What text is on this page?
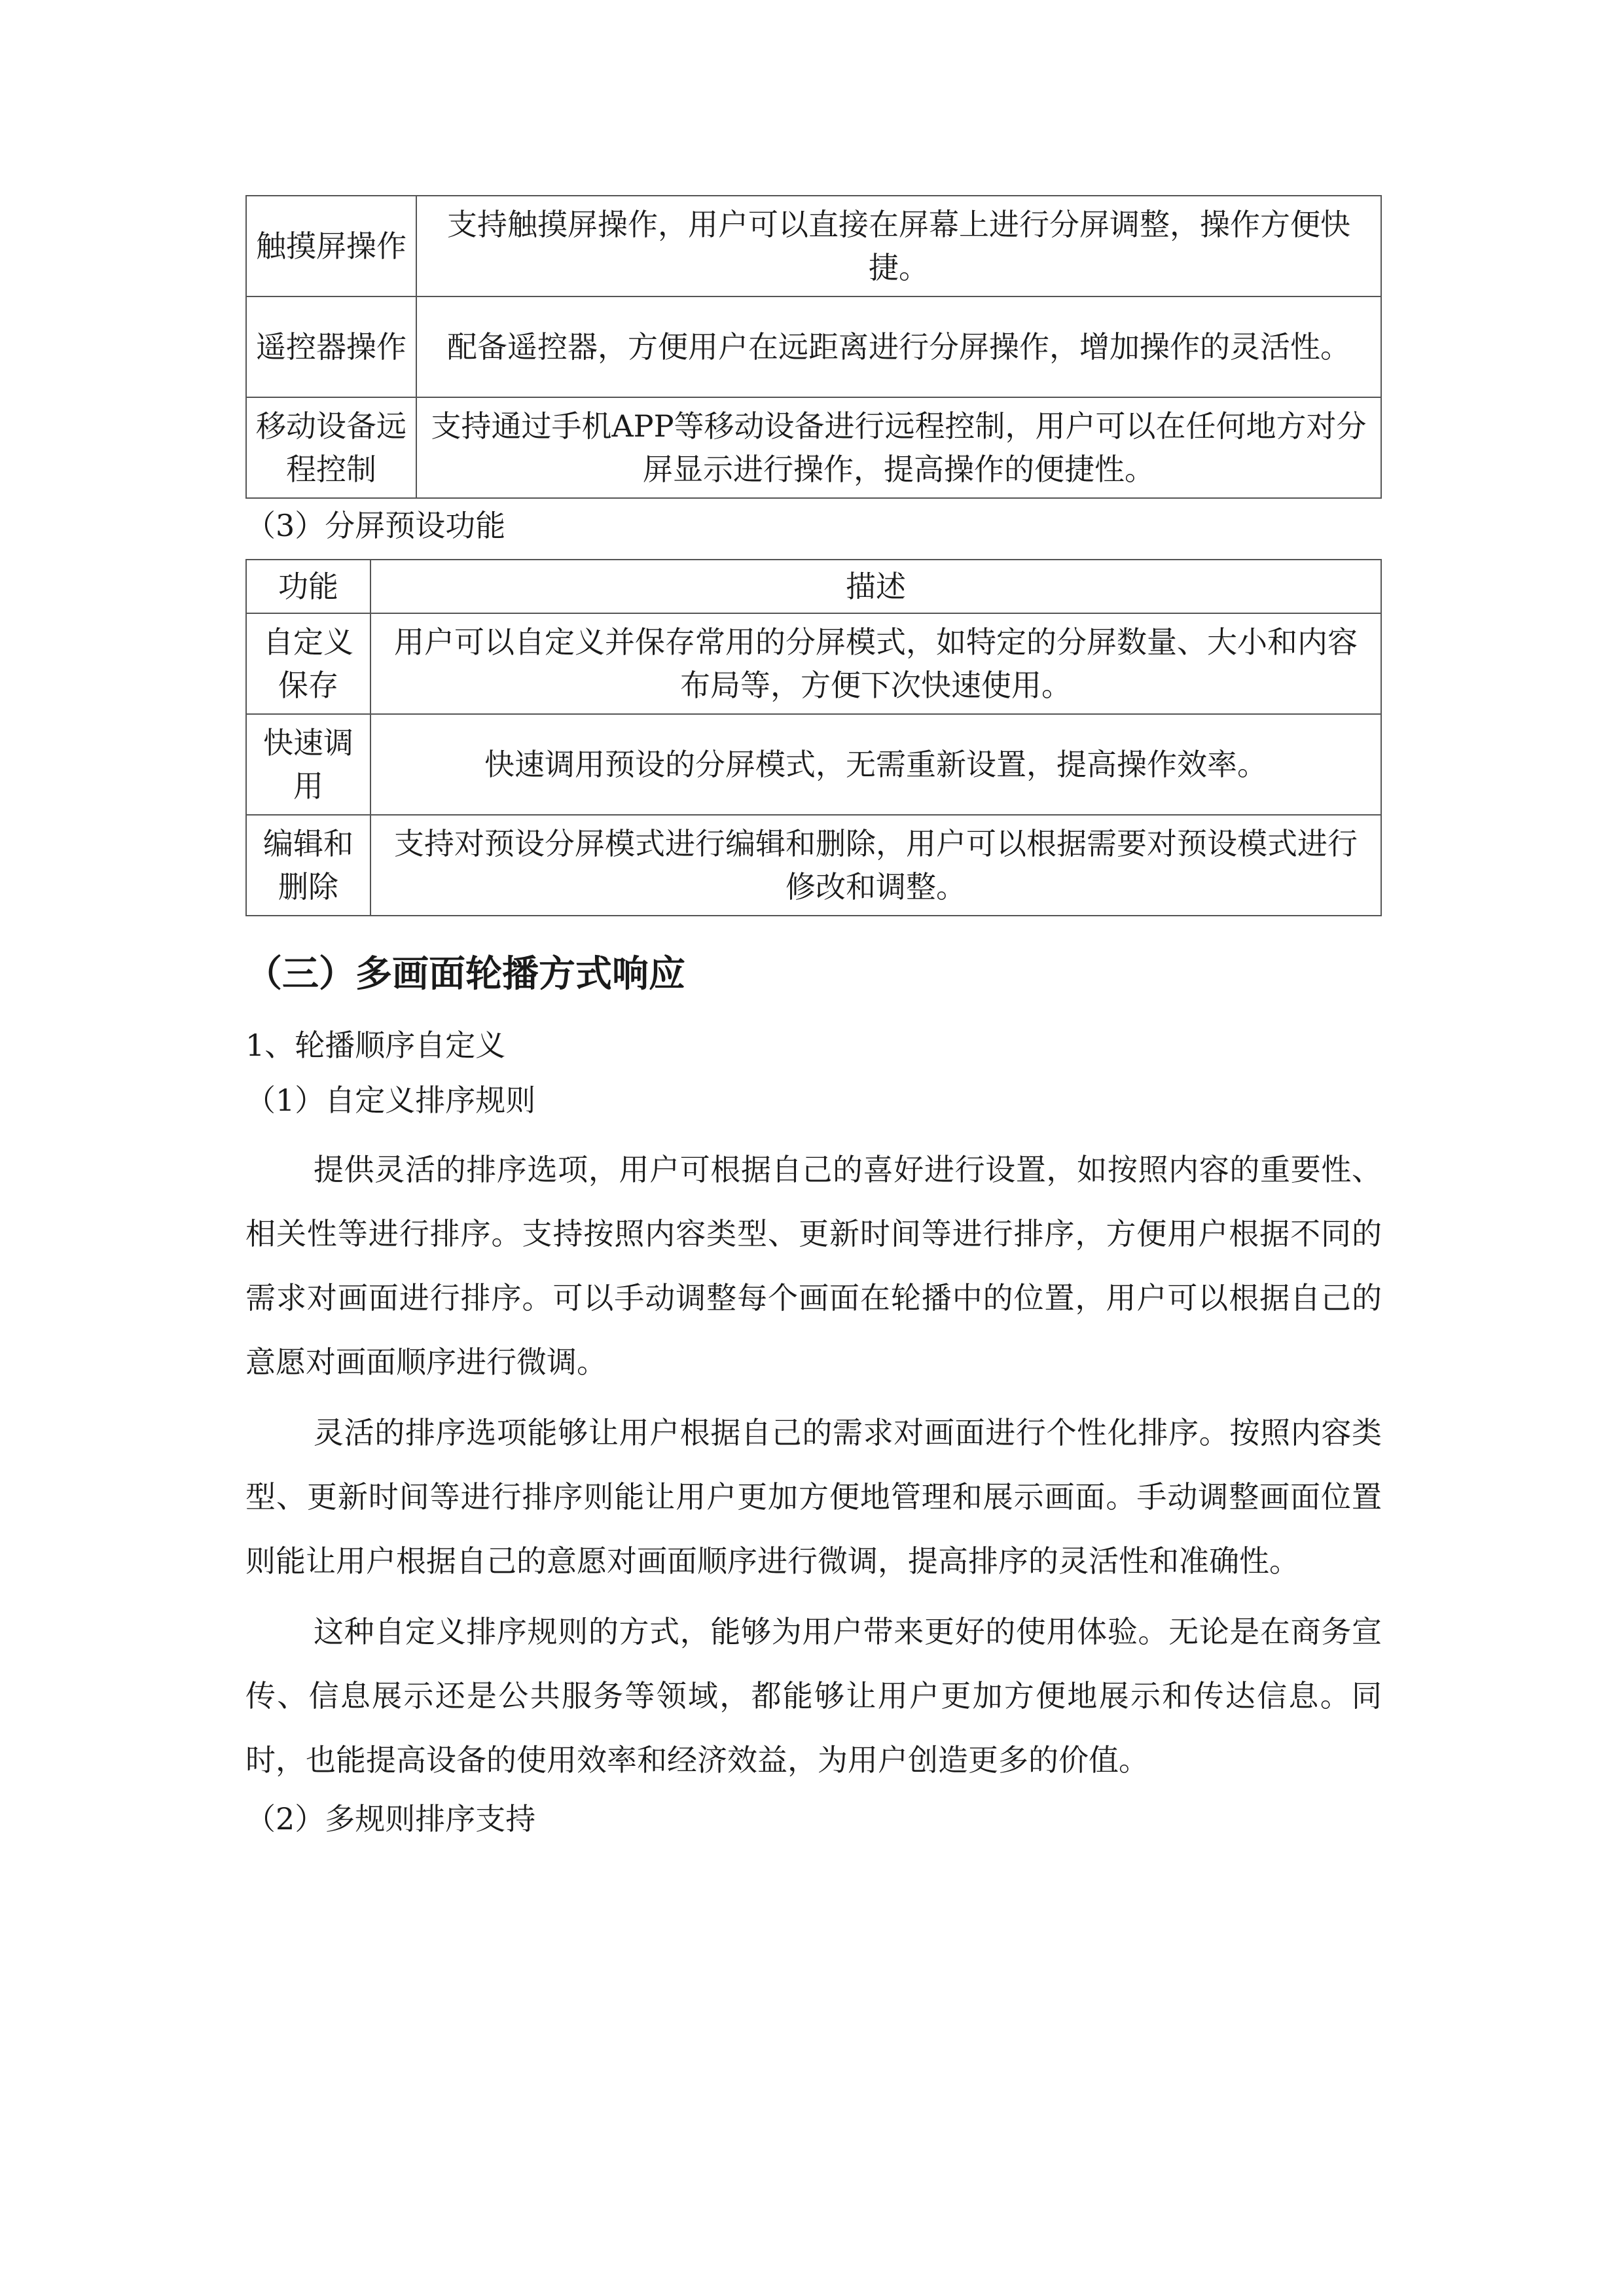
触摸屏操作	支持触摸屏操作，用户可以直接在屏幕上进行分屏调整，操作方便快捷。
遥控器操作	配备遥控器，方便用户在远距离进行分屏操作，增加操作的灵活性。
移动设备远程控制	支持通过手机APP等移动设备进行远程控制，用户可以在任何地方对分屏显示进行操作，提高操作的便捷性。

（3）分屏预设功能

功能	描述
自定义保存	用户可以自定义并保存常用的分屏模式，如特定的分屏数量、大小和内容布局等，方便下次快速使用。
快速调用	快速调用预设的分屏模式，无需重新设置，提高操作效率。
编辑和删除	支持对预设分屏模式进行编辑和删除，用户可以根据需要对预设模式进行修改和调整。
（三）多画面轮播方式响应

1、轮播顺序自定义

（1）自定义排序规则

提供灵活的排序选项，用户可根据自己的喜好进行设置，如按照内容的重要性、相关性等进行排序。支持按照内容类型、更新时间等进行排序，方便用户根据不同的需求对画面进行排序。可以手动调整每个画面在轮播中的位置，用户可以根据自己的意愿对画面顺序进行微调。

灵活的排序选项能够让用户根据自己的需求对画面进行个性化排序。按照内容类型、更新时间等进行排序则能让用户更加方便地管理和展示画面。手动调整画面位置则能让用户根据自己的意愿对画面顺序进行微调，提高排序的灵活性和准确性。

这种自定义排序规则的方式，能够为用户带来更好的使用体验。无论是在商务宣传、信息展示还是公共服务等领域，都能够让用户更加方便地展示和传达信息。同时，也能提高设备的使用效率和经济效益，为用户创造更多的价值。

（2）多规则排序支持
